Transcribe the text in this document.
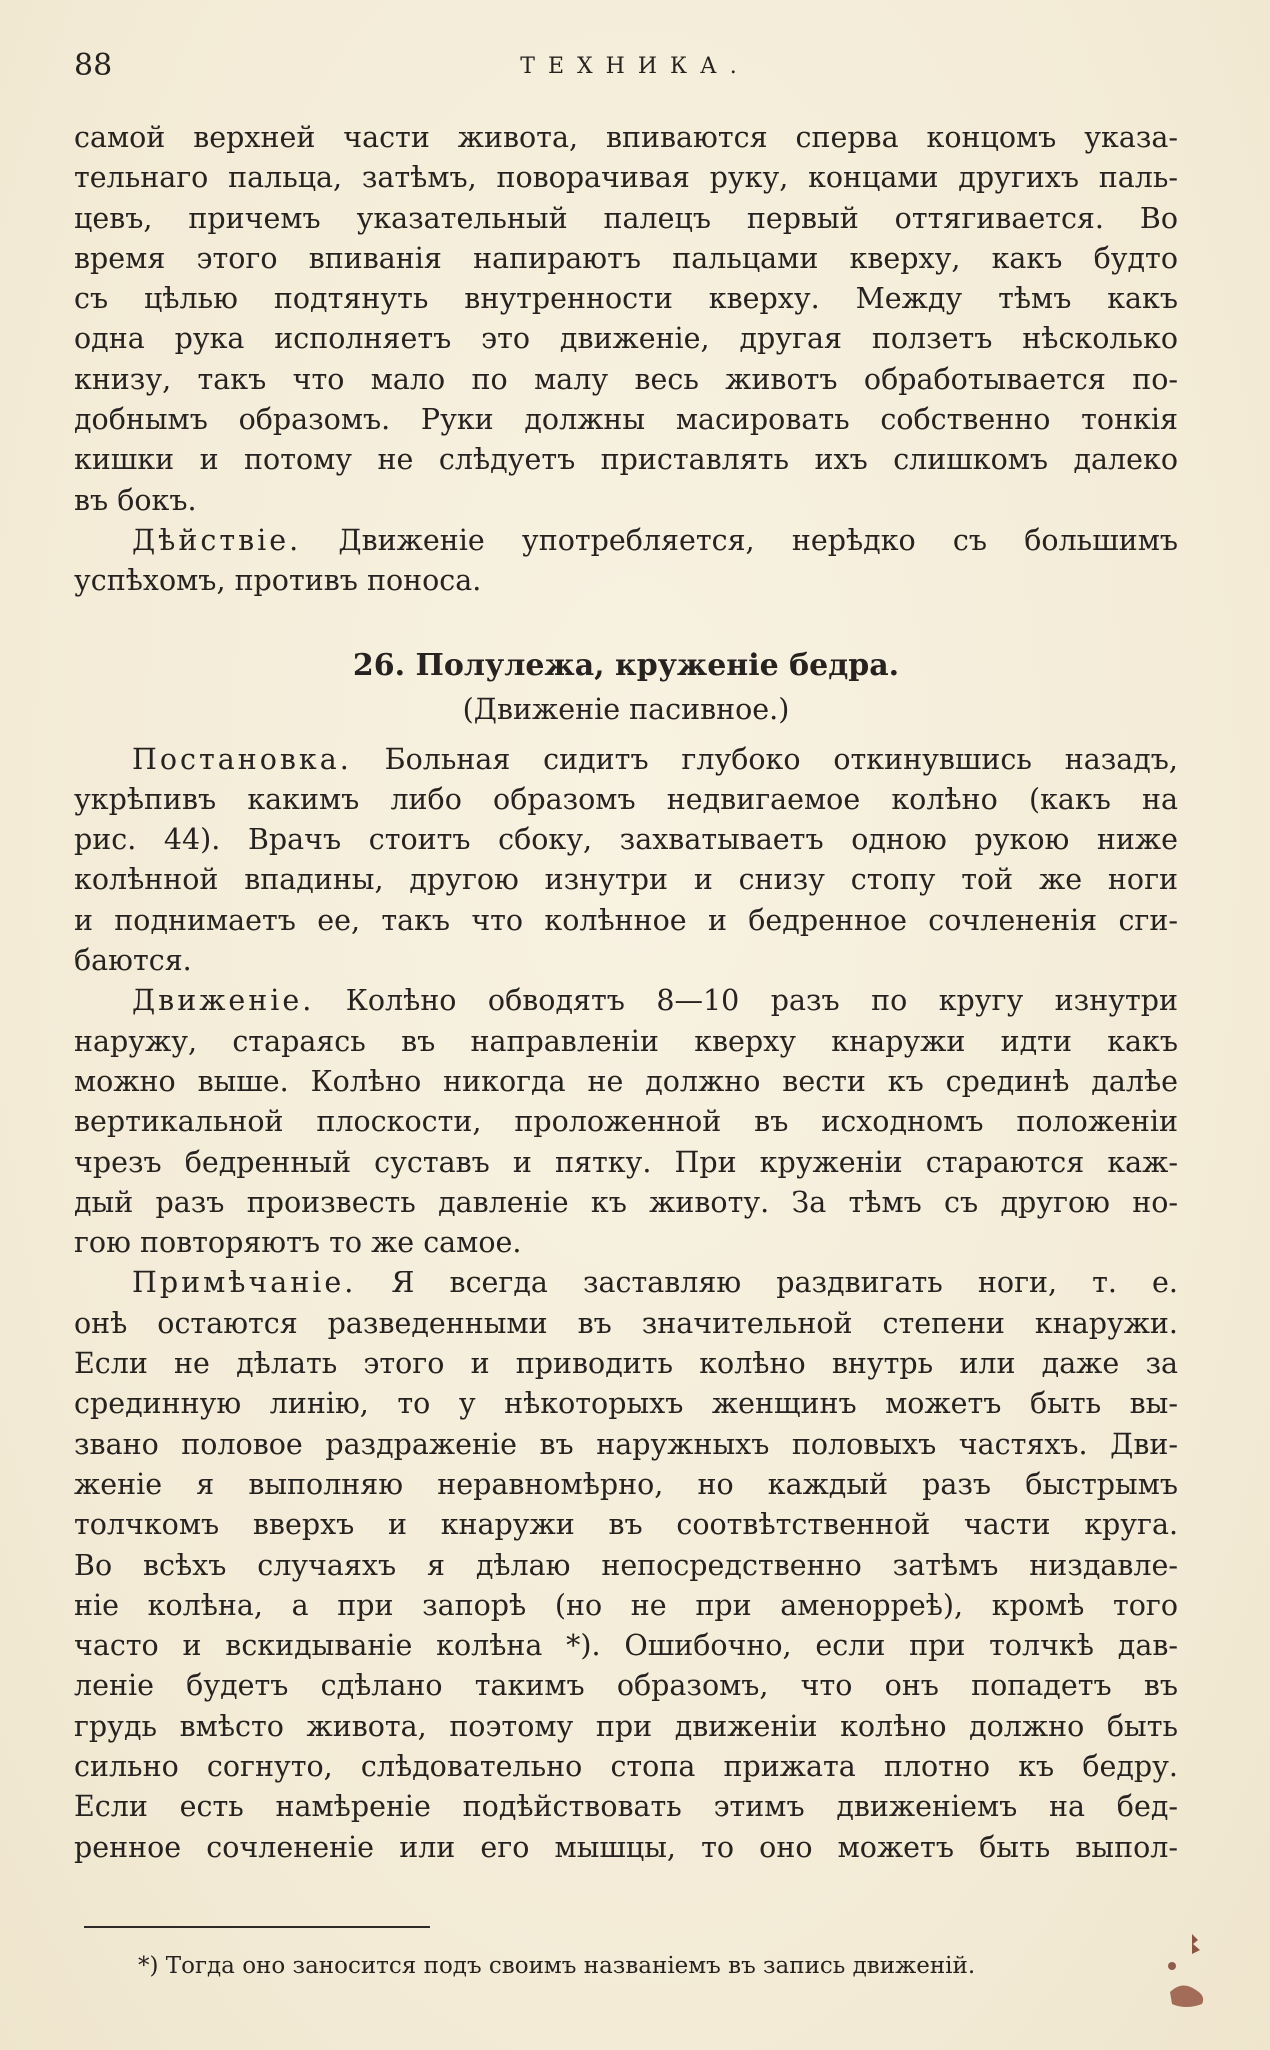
88	ТЕХНИКА.
самой верхней части живота, впиваются сперва концомъ указа-
тельнаго пальца, затѣмъ, поворачивая руку, концами другихъ паль-
цевъ, причемъ указательный палецъ первый оттягивается. Во
время этого впиванія напираютъ пальцами кверху, какъ будто
съ цѣлью подтянуть внутренности кверху. Между тѣмъ какъ
одна рука исполняетъ это движеніе, другая ползетъ нѣсколько
книзу, такъ что мало по малу весь животъ обработывается по-
добнымъ образомъ. Руки должны масировать собственно тонкія
кишки и потому не слѣдуетъ приставлять ихъ слишкомъ далеко
въ бокъ.
Дѣйствіе. Движеніе употребляется, нерѣдко съ большимъ
успѣхомъ, противъ поноса.
26. Полулежа, круженіе бедра.
(Движеніе пасивное.)
Постановка. Больная сидитъ глубоко откинувшись назадъ,
укрѣпивъ какимъ либо образомъ недвигаемое колѣно (какъ на
рис. 44). Врачъ стоитъ сбоку, захватываетъ одною рукою ниже
колѣнной впадины, другою изнутри и снизу стопу той же ноги
и поднимаетъ ее, такъ что колѣнное и бедренное сочлененія сги-
баются.
Движеніе. Колѣно обводятъ 8—10 разъ по кругу изнутри
наружу, стараясь въ направленіи кверху кнаружи идти какъ
можно выше. Колѣно никогда не должно вести къ срединѣ далѣе
вертикальной плоскости, проложенной въ исходномъ положеніи
чрезъ бедренный суставъ и пятку. При круженіи стараются каж-
дый разъ произвесть давленіе къ животу. За тѣмъ съ другою но-
гою повторяютъ то же самое.
Примѣчаніе. Я всегда заставляю раздвигать ноги, т. е.
онѣ остаются разведенными въ значительной степени кнаружи.
Если не дѣлать этого и приводить колѣно внутрь или даже за
срединную линію, то у нѣкоторыхъ женщинъ можетъ быть вы-
звано половое раздраженіе въ наружныхъ половыхъ частяхъ. Дви-
женіе я выполняю неравномѣрно, но каждый разъ быстрымъ
толчкомъ вверхъ и кнаружи въ соотвѣтственной части круга.
Во всѣхъ случаяхъ я дѣлаю непосредственно затѣмъ низдавле-
ніе колѣна, а при запорѣ (но не при аменорреѣ), кромѣ того
часто и вскидываніе колѣна *). Ошибочно, если при толчкѣ дав-
леніе будетъ сдѣлано такимъ образомъ, что онъ попадетъ въ
грудь вмѣсто живота, поэтому при движеніи колѣно должно быть
сильно согнуто, слѣдовательно стопа прижата плотно къ бедру.
Если есть намѣреніе подѣйствовать этимъ движеніемъ на бед-
ренное сочлененіе или его мышцы, то оно можетъ быть выпол-
*) Тогда оно заносится подъ своимъ названіемъ въ запись движеній.
